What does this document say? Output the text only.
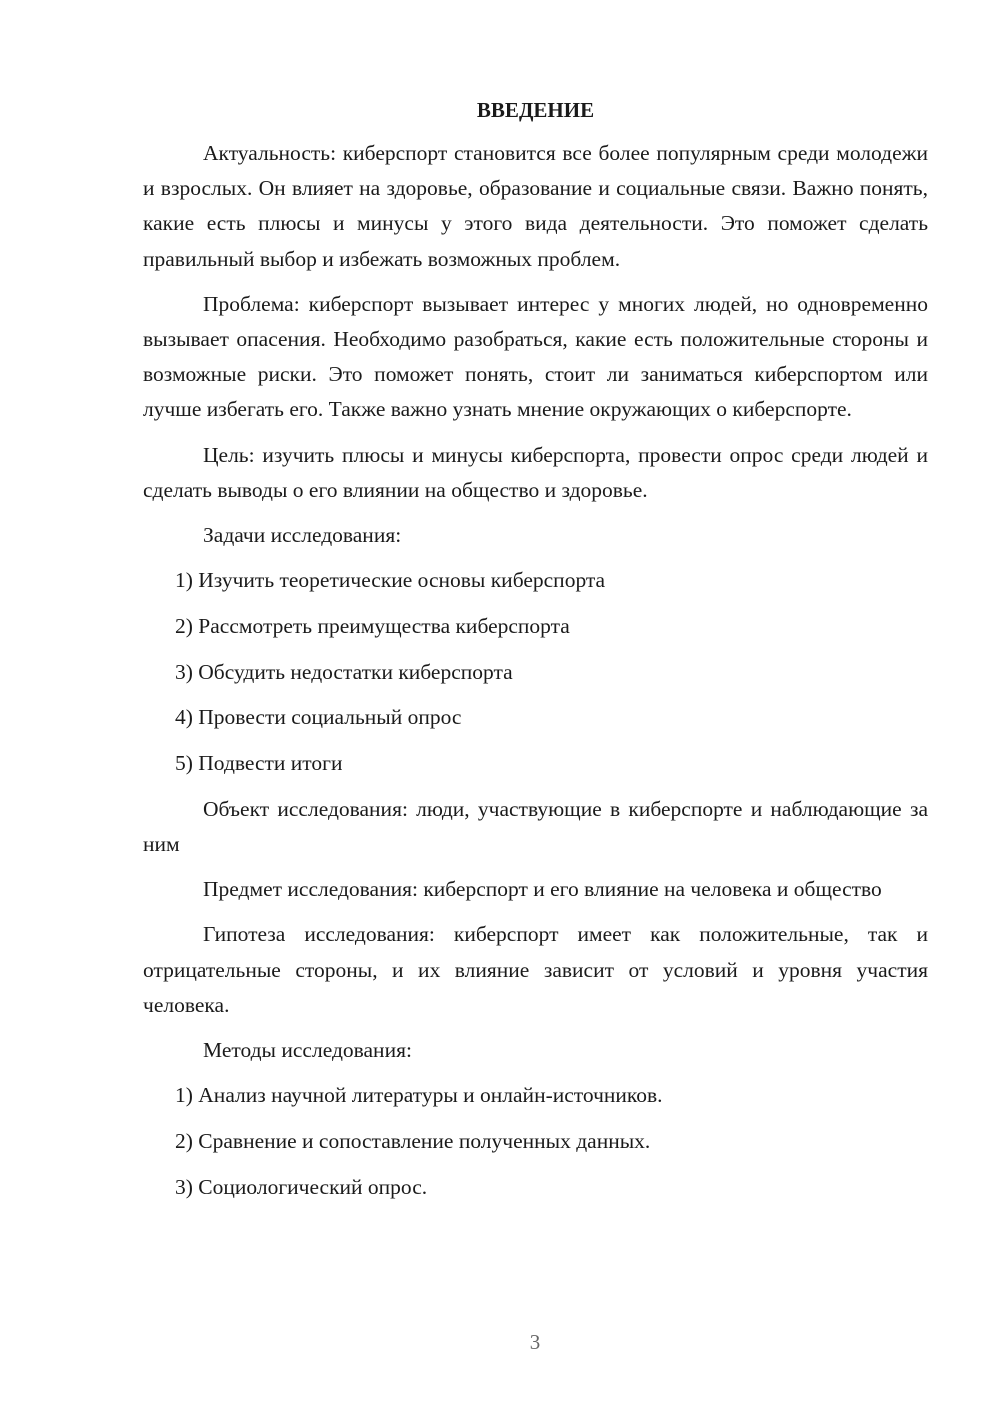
ВВЕДЕНИЕ

Актуальность: киберспорт становится все более популярным среди молодежи и взрослых. Он влияет на здоровье, образование и социальные связи. Важно понять, какие есть плюсы и минусы у этого вида деятельности. Это поможет сделать правильный выбор и избежать возможных проблем.

Проблема: киберспорт вызывает интерес у многих людей, но одновременно вызывает опасения. Необходимо разобраться, какие есть положительные стороны и возможные риски. Это поможет понять, стоит ли заниматься киберспортом или лучше избегать его. Также важно узнать мнение окружающих о киберспорте.

Цель: изучить плюсы и минусы киберспорта, провести опрос среди людей и сделать выводы о его влиянии на общество и здоровье.

Задачи исследования:

1) Изучить теоретические основы киберспорта
2) Рассмотреть преимущества киберспорта
3) Обсудить недостатки киберспорта
4) Провести социальный опрос
5) Подвести итоги

Объект исследования: люди, участвующие в киберспорте и наблюдающие за ним

Предмет исследования: киберспорт и его влияние на человека и общество

Гипотеза исследования: киберспорт имеет как положительные, так и отрицательные стороны, и их влияние зависит от условий и уровня участия человека.

Методы исследования:

1) Анализ научной литературы и онлайн-источников.
2) Сравнение и сопоставление полученных данных.
3) Социологический опрос.
3
